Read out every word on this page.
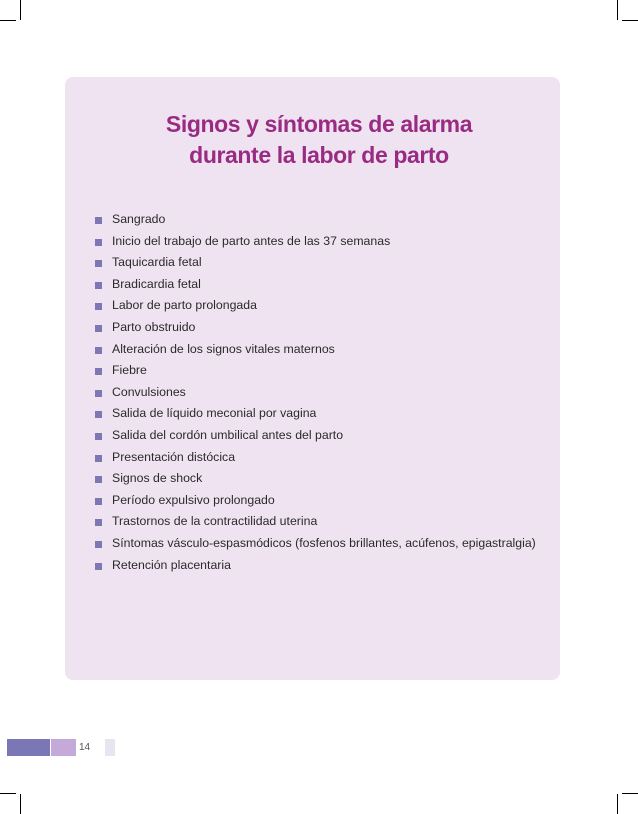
Signos y síntomas de alarma
durante la labor de parto
Sangrado
Inicio del trabajo de parto antes de las 37 semanas
Taquicardia fetal
Bradicardia fetal
Labor de parto prolongada
Parto obstruido
Alteración de los signos vitales maternos
Fiebre
Convulsiones
Salida de líquido meconial por vagina
Salida del cordón umbilical antes del parto
Presentación distócica
Signos de shock
Período expulsivo prolongado
Trastornos de la contractilidad uterina
Síntomas vásculo-espasmódicos (fosfenos brillantes, acúfenos, epigastralgia)
Retención placentaria
14
